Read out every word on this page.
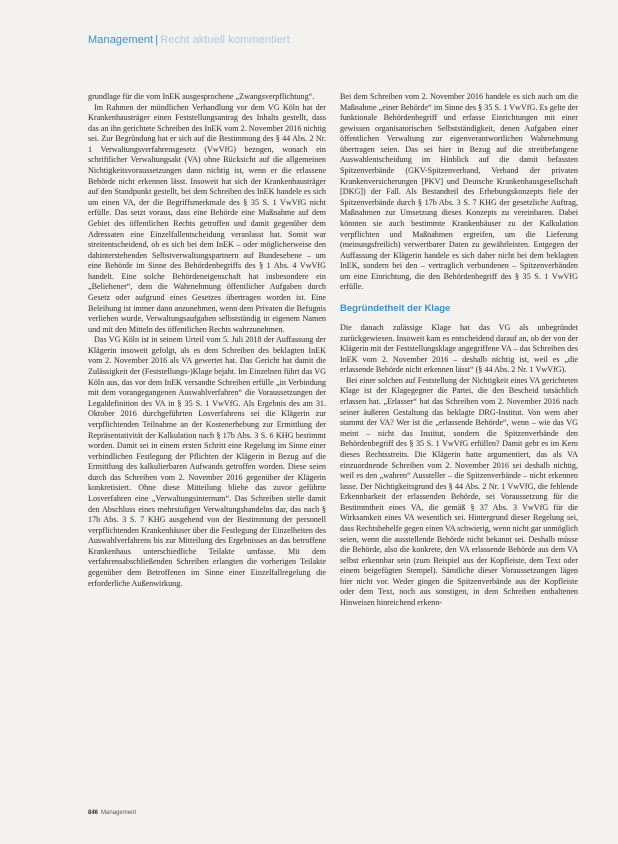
Management | Recht aktuell kommentiert

grundlage für die vom InEK ausgesprochene „Zwangsverpflichtung“.

Im Rahmen der mündlichen Verhandlung vor dem VG Köln hat der Krankenhausträger einen Feststellungsantrag des Inhalts gestellt, dass das an ihn gerichtete Schreiben des InEK vom 2. November 2016 nichtig sei. Zur Begründung hat er sich auf die Bestimmung des § 44 Abs. 2 Nr. 1 Verwaltungsverfahrensgesetz (VwVfG) bezogen, wonach ein schriftlicher Verwaltungsakt (VA) ohne Rücksicht auf die allgemeinen Nichtigkeitsvoraussetzungen dann nichtig ist, wenn er die erlassene Behörde nicht erkennen lässt. Insoweit hat sich der Krankenhausträger auf den Standpunkt gestellt, bei dem Schreiben des InEK handele es sich um einen VA, der die Begriffsmerkmale des § 35 S. 1 VwVfG nicht erfülle. Das setzt voraus, dass eine Behörde eine Maßnahme auf dem Gebiet des öffentlichen Rechts getroffen und damit gegenüber dem Adressaten eine Einzelfallentscheidung veranlasst hat. Somit war streitentscheidend, ob es sich bei dem InEK – oder möglicherweise den dahinterstehenden Selbstverwaltungspartnern auf Bundesebene – um eine Behörde im Sinne des Behördenbegriffs des § 1 Abs. 4 VwVfG handelt. Eine solche Behördeneigenschaft hat insbesondere ein „Beliehener“, dem die Wahrnehmung öffentlicher Aufgaben durch Gesetz oder aufgrund eines Gesetzes übertragen worden ist. Eine Beleihung ist immer dann anzunehmen, wenn dem Privaten die Befugnis verliehen wurde, Verwaltungsaufgaben selbstständig in eigenem Namen und mit den Mitteln des öffentlichen Rechts wahrzunehmen.

Das VG Köln ist in seinem Urteil vom 5. Juli 2018 der Auffassung der Klägerin insoweit gefolgt, als es dem Schreiben des beklagten InEK vom 2. November 2016 als VA gewertet hat. Das Gericht hat damit die Zulässigkeit der (Feststellungs-)Klage bejaht. Im Einzelnen führt das VG Köln aus, das vor dem InEK versandte Schreiben erfülle „in Verbindung mit dem vorangegangenen Auswahlverfahren“ die Voraussetzungen der Legaldefinition des VA in § 35 S. 1 VwVfG. Als Ergebnis des am 31. Oktober 2016 durchgeführten Losverfahrens sei die Klägerin zur verpflichtenden Teilnahme an der Kostenerhebung zur Ermittlung der Repräsentativität der Kalkulation nach § 17b Abs. 3 S. 6 KHG bestimmt worden. Damit sei in einem ersten Schritt eine Regelung im Sinne einer verbindlichen Festlegung der Pflichten der Klägerin in Bezug auf die Ermittlung des kalkulierbaren Aufwands getroffen worden. Diese seien durch das Schreiben vom 2. November 2016 gegenüber der Klägerin konkretisiert. Ohne diese Mitteilung bliebe das zuvor geführte Losverfahren eine „Verwaltungsinternum“. Das Schreiben stelle damit den Abschluss eines mehrstufigen Verwaltungshandelns dar, das nach § 17b Abs. 3 S. 7 KHG ausgehend von der Bestimmung der personell verpflichtenden Krankenhäuser über die Festlegung der Einzelheiten des Auswahlverfahrens bis zur Mitteilung des Ergebnisses an das betroffene Krankenhaus unterschiedliche Teilakte umfasse. Mit dem verfahrensabschließenden Schreiben erlangten die vorherigen Teilakte gegenüber dem Betroffenen im Sinne einer Einzelfallregelung die erforderliche Außenwirkung.

Bei dem Schreiben vom 2. November 2016 handele es sich auch um die Maßnahme „einer Behörde“ im Sinne des § 35 S. 1 VwVfG. Es gelte der funktionale Behördenbegriff und erfasse Einrichtungen mit einer gewissen organisatorischen Selbstständigkeit, denen Aufgaben einer öffentlichen Verwaltung zur eigenverantwortlichen Wahrnehmung übertragen seien. Das sei hier in Bezug auf die streitbefangene Auswahlentscheidung im Hinblick auf die damit befassten Spitzenverbände (GKV-Spitzenverband, Verband der privaten Krankenversicherungen [PKV] und Deutsche Krankenhausgesellschaft [DKG]) der Fall. Als Bestandteil des Erhebungskonzepts fiele der Spitzenverbände durch § 17b Abs. 3 S. 7 KHG der gesetzliche Auftrag, Maßnahmen zur Umsetzung dieses Konzepts zu vereinbaren. Dabei könnten sie auch bestimmte Krankenhäuser zu der Kalkulation verpflichten und Maßnahmen ergreifen, um die Lieferung (meinungsfreilich) verwertbarer Daten zu gewährleisten. Entgegen der Auffassung der Klägerin handele es sich daher nicht bei dem beklagten InEK, sondern bei den – vertraglich verbundenen – Spitzenverbänden um eine Einrichtung, die den Behördenbegriff des § 35 S. 1 VwVfG erfülle.

Begründetheit der Klage

Die danach zulässige Klage hat das VG als unbegründet zurückgewiesen. Insoweit kam es entscheidend darauf an, ob der von der Klägerin mit der Feststellungsklage angegriffene VA – das Schreiben des InEK vom 2. November 2016 – deshalb nichtig ist, weil es „die erlassende Behörde nicht erkennen lässt“ (§ 44 Abs. 2 Nr. 1 VwVfG).

Bei einer solchen auf Feststellung der Nichtigkeit eines VA gerichteten Klage ist der Klagegegner die Partei, die den Bescheid tatsächlich erlassen hat. „Erlasser“ hat das Schreiben vom 2. November 2016 nach seiner äußeren Gestaltung das beklagte DRG-Institut. Von wem aber stammt der VA? Wer ist die „erlassende Behörde“, wenn – wie das VG meint – nicht das Institut, sondern die Spitzenverbände den Behördenbegriff des § 35 S. 1 VwVfG erfüllen? Damit geht es im Kern dieses Rechtsstreits. Die Klägerin hatte argumentiert, das als VA einzuordnende Schreiben vom 2. November 2016 sei deshalb nichtig, weil es den „wahren“ Aussteller – die Spitzenverbände – nicht erkennen lasse. Der Nichtigkeitsgrund des § 44 Abs. 2 Nr. 1 VwVfG, die fehlende Erkennbarkeit der erlassenden Behörde, sei Voraussetzung für die Bestimmtheit eines VA, die gemäß § 37 Abs. 3 VwVfG für die Wirksamkeit eines VA wesentlich sei. Hintergrund dieser Regelung sei, dass Rechtsbehelfe gegen einen VA schwierig, wenn nicht gar unmöglich seien, wenn die ausstellende Behörde nicht bekannt sei. Deshalb müsse die Behörde, also die konkrete, den VA erlassende Behörde aus dem VA selbst erkennbar sein (zum Beispiel aus der Kopfleiste, dem Text oder einem beigefügten Stempel). Sämtliche dieser Voraussetzungen lägen hier nicht vor. Weder gingen die Spitzenverbände aus der Kopfleiste oder dem Text, noch aus sonstigen, in dem Schreiben enthaltenen Hinweisen hinreichend erkenn-

846 Management
